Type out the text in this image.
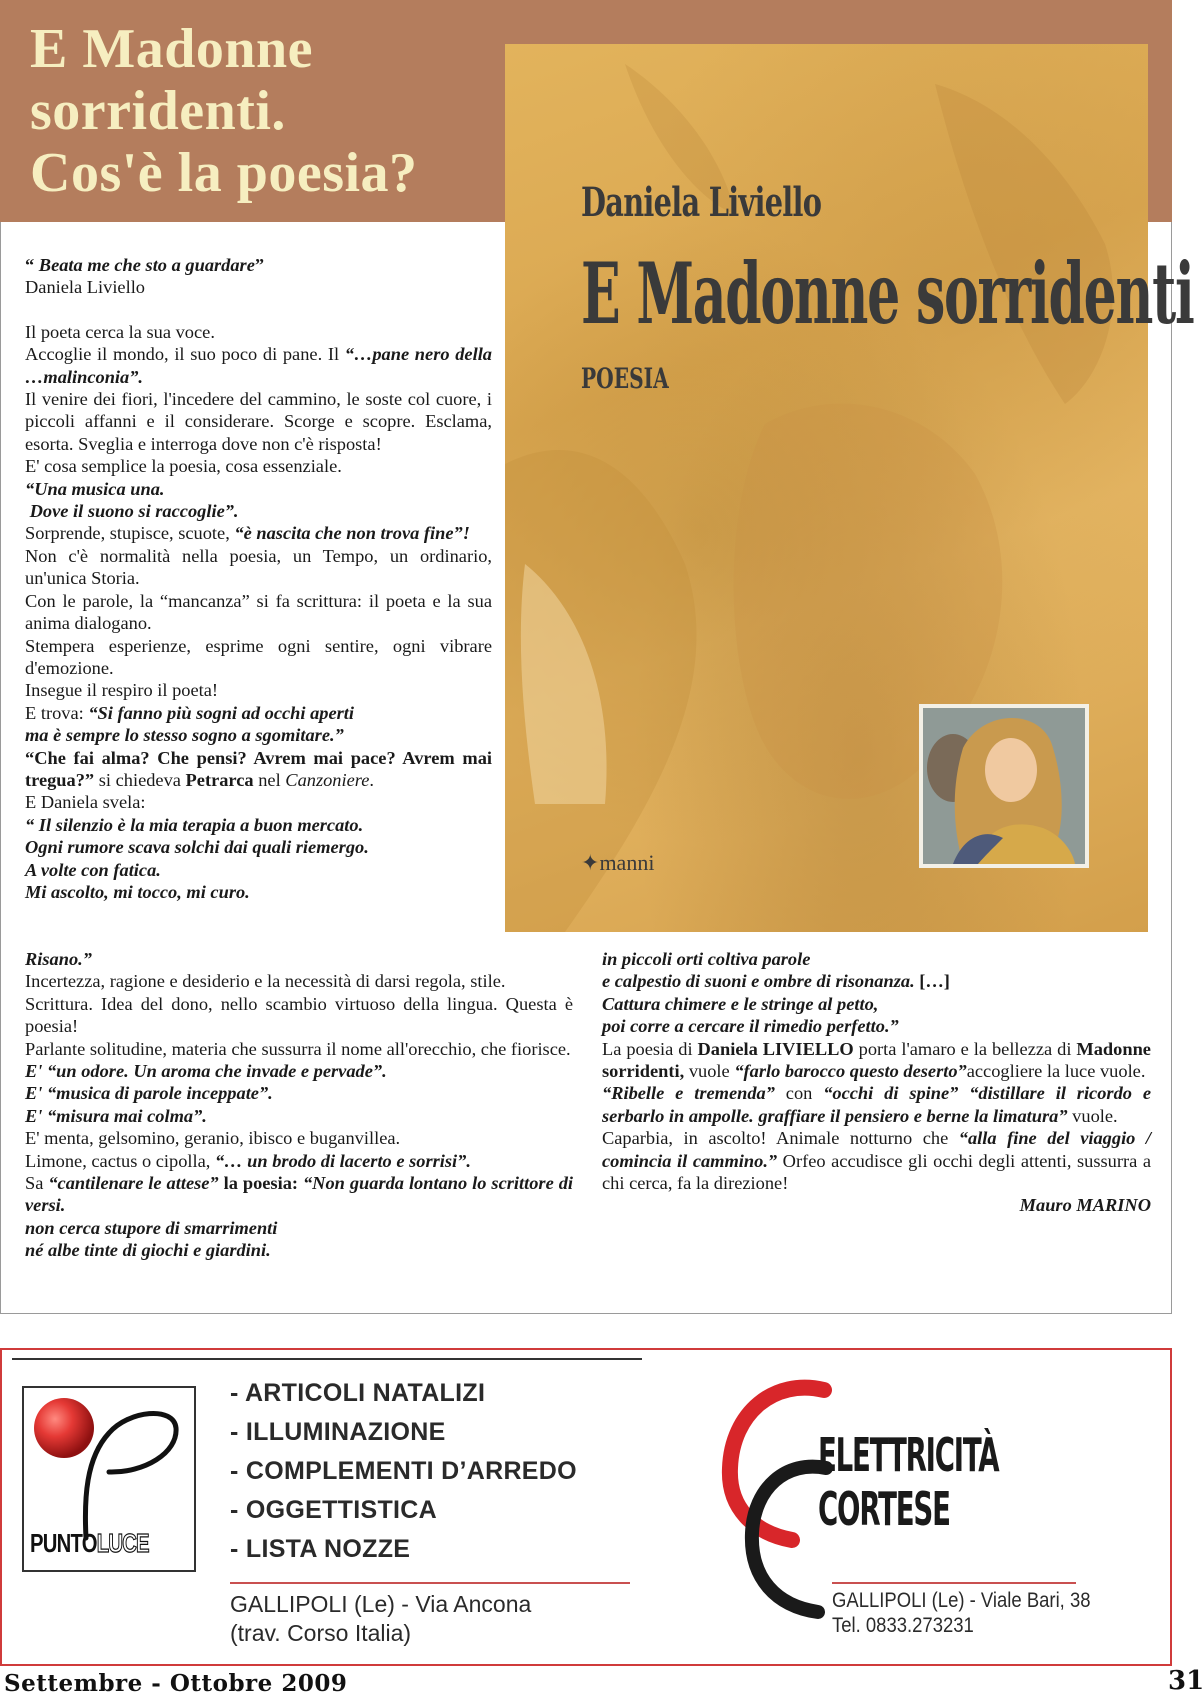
E Madonne
sorridenti.
Cos'è la poesia?	Daniela Liviello

E Madonne sorridenti

POESIA

✦manni

“ Beata me che sto a guardare”

Daniela Liviello

Il poeta cerca la sua voce.

Accoglie il mondo, il suo poco di pane. Il “…pane nero della …malinconia”.

Il venire dei fiori, l'incedere del cammino, le soste col cuore, i piccoli affanni e il considerare. Scorge e scopre. Esclama, esorta. Sveglia e interroga dove non c'è risposta!

E' cosa semplice la poesia, cosa essenziale.

“Una musica una.

Dove il suono si raccoglie”.

Sorprende, stupisce, scuote, “è nascita che non trova fine”!

Non c'è normalità nella poesia, un Tempo, un ordinario, un'unica Storia.

Con le parole, la “mancanza” si fa scrittura: il poeta e la sua anima dialogano.

Stempera esperienze, esprime ogni sentire, ogni vibrare d'emozione.

Insegue il respiro il poeta!

E trova: “Si fanno più sogni ad occhi aperti

ma è sempre lo stesso sogno a sgomitare.”

“Che fai alma? Che pensi? Avrem mai pace? Avrem mai tregua?” si chiedeva Petrarca nel Canzoniere.

E Daniela svela:

“ Il silenzio è la mia terapia a buon mercato.

Ogni rumore scava solchi dai quali riemergo.

A volte con fatica.

Mi ascolto, mi tocco, mi curo.

Risano.”

Incertezza, ragione e desiderio e la necessità di darsi regola, stile.

Scrittura. Idea del dono, nello scambio virtuoso della lingua. Questa è poesia!

Parlante solitudine, materia che sussurra il nome all'orecchio, che fiorisce.

E' “un odore. Un aroma che invade e pervade”.

E' “musica di parole inceppate”.

E' “misura mai colma”.

E' menta, gelsomino, geranio, ibisco e buganvillea.

Limone, cactus o cipolla, “… un brodo di lacerto e sorrisi”.

Sa “cantilenare le attese” la poesia: “Non guarda lontano lo scrittore di versi.

non cerca stupore di smarrimenti

né albe tinte di giochi e giardini.

in piccoli orti coltiva parole

e calpestio di suoni e ombre di risonanza. […]

Cattura chimere e le stringe al petto,

poi corre a cercare il rimedio perfetto.”

La poesia di Daniela LIVIELLO porta l'amaro e la bellezza di Madonne sorridenti, vuole “farlo barocco questo deserto”accogliere la luce vuole.

“Ribelle e tremenda” con “occhi di spine” “distillare il ricordo e serbarlo in ampolle. graffiare il pensiero e berne la limatura” vuole.

Caparbia, in ascolto! Animale notturno che “alla fine del viaggio / comincia il cammino.” Orfeo accudisce gli occhi degli attenti, sussurra a chi cerca, fa la direzione!

Mauro MARINO

PUNTOLUCE
- ARTICOLI NATALIZI
- ILLUMINAZIONE
- COMPLEMENTI D’ARREDO
- OGGETTISTICA
- LISTA NOZZE
GALLIPOLI (Le) - Via Ancona
(trav. Corso Italia)
ELETTRICITÀ
CORTESE
GALLIPOLI (Le) - Viale Bari, 38
Tel. 0833.273231
Settembre - Ottobre 2009	31
